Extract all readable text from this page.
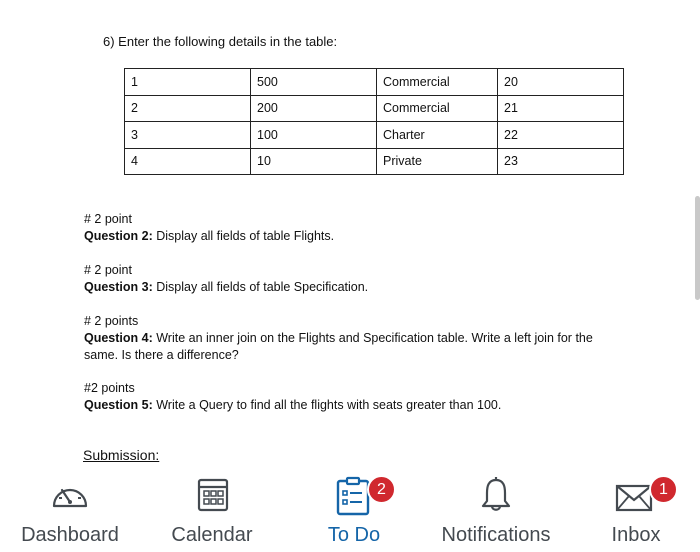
6) Enter the following details in the table:
1	500	Commercial	20
2	200	Commercial	21
3	100	Charter	22
4	10	Private	23
# 2 point
Question 2: Display all fields of table Flights.
# 2 point
Question 3: Display all fields of table Specification.
# 2 points
Question 4: Write an inner join on the Flights and Specification table. Write a left join for the same. Is there a difference?
#2 points
Question 5: Write a Query to find all the flights with seats greater than 100.
Submission:
Dashboard	Calendar
2
To Do	Notifications
1
Inbox
